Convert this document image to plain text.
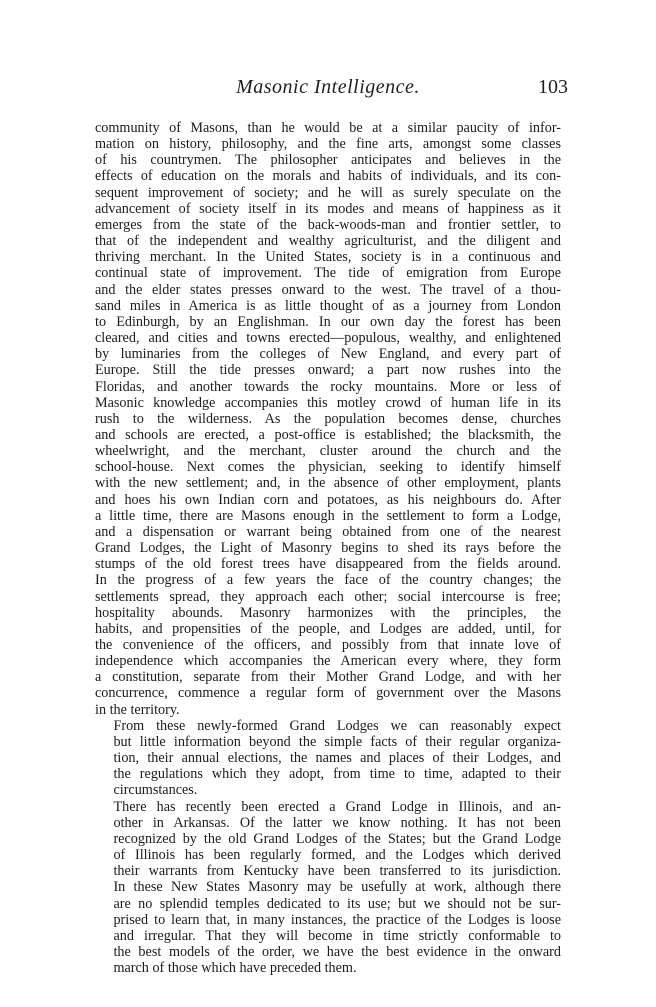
Masonic Intelligence.	103

community of Masons, than he would be at a similar paucity of infor-
mation on history, philosophy, and the fine arts, amongst some classes
of his countrymen. The philosopher anticipates and believes in the
effects of education on the morals and habits of individuals, and its con-
sequent improvement of society; and he will as surely speculate on the
advancement of society itself in its modes and means of happiness as it
emerges from the state of the back-woods-man and frontier settler, to
that of the independent and wealthy agriculturist, and the diligent and
thriving merchant. In the United States, society is in a continuous and
continual state of improvement. The tide of emigration from Europe
and the elder states presses onward to the west. The travel of a thou-
sand miles in America is as little thought of as a journey from London
to Edinburgh, by an Englishman. In our own day the forest has been
cleared, and cities and towns erected—populous, wealthy, and enlightened
by luminaries from the colleges of New England, and every part of
Europe. Still the tide presses onward; a part now rushes into the
Floridas, and another towards the rocky mountains. More or less of
Masonic knowledge accompanies this motley crowd of human life in its
rush to the wilderness. As the population becomes dense, churches
and schools are erected, a post-office is established; the blacksmith, the
wheelwright, and the merchant, cluster around the church and the
school-house. Next comes the physician, seeking to identify himself
with the new settlement; and, in the absence of other employment, plants
and hoes his own Indian corn and potatoes, as his neighbours do. After
a little time, there are Masons enough in the settlement to form a Lodge,
and a dispensation or warrant being obtained from one of the nearest
Grand Lodges, the Light of Masonry begins to shed its rays before the
stumps of the old forest trees have disappeared from the fields around.
In the progress of a few years the face of the country changes; the
settlements spread, they approach each other; social intercourse is free;
hospitality abounds. Masonry harmonizes with the principles, the
habits, and propensities of the people, and Lodges are added, until, for
the convenience of the officers, and possibly from that innate love of
independence which accompanies the American every where, they form
a constitution, separate from their Mother Grand Lodge, and with her
concurrence, commence a regular form of government over the Masons
in the territory.

From these newly-formed Grand Lodges we can reasonably expect
but little information beyond the simple facts of their regular organiza-
tion, their annual elections, the names and places of their Lodges, and
the regulations which they adopt, from time to time, adapted to their
circumstances.

There has recently been erected a Grand Lodge in Illinois, and an-
other in Arkansas. Of the latter we know nothing. It has not been
recognized by the old Grand Lodges of the States; but the Grand Lodge
of Illinois has been regularly formed, and the Lodges which derived
their warrants from Kentucky have been transferred to its jurisdiction.
In these New States Masonry may be usefully at work, although there
are no splendid temples dedicated to its use; but we should not be sur-
prised to learn that, in many instances, the practice of the Lodges is loose
and irregular. That they will become in time strictly conformable to
the best models of the order, we have the best evidence in the onward
march of those which have preceded them.
